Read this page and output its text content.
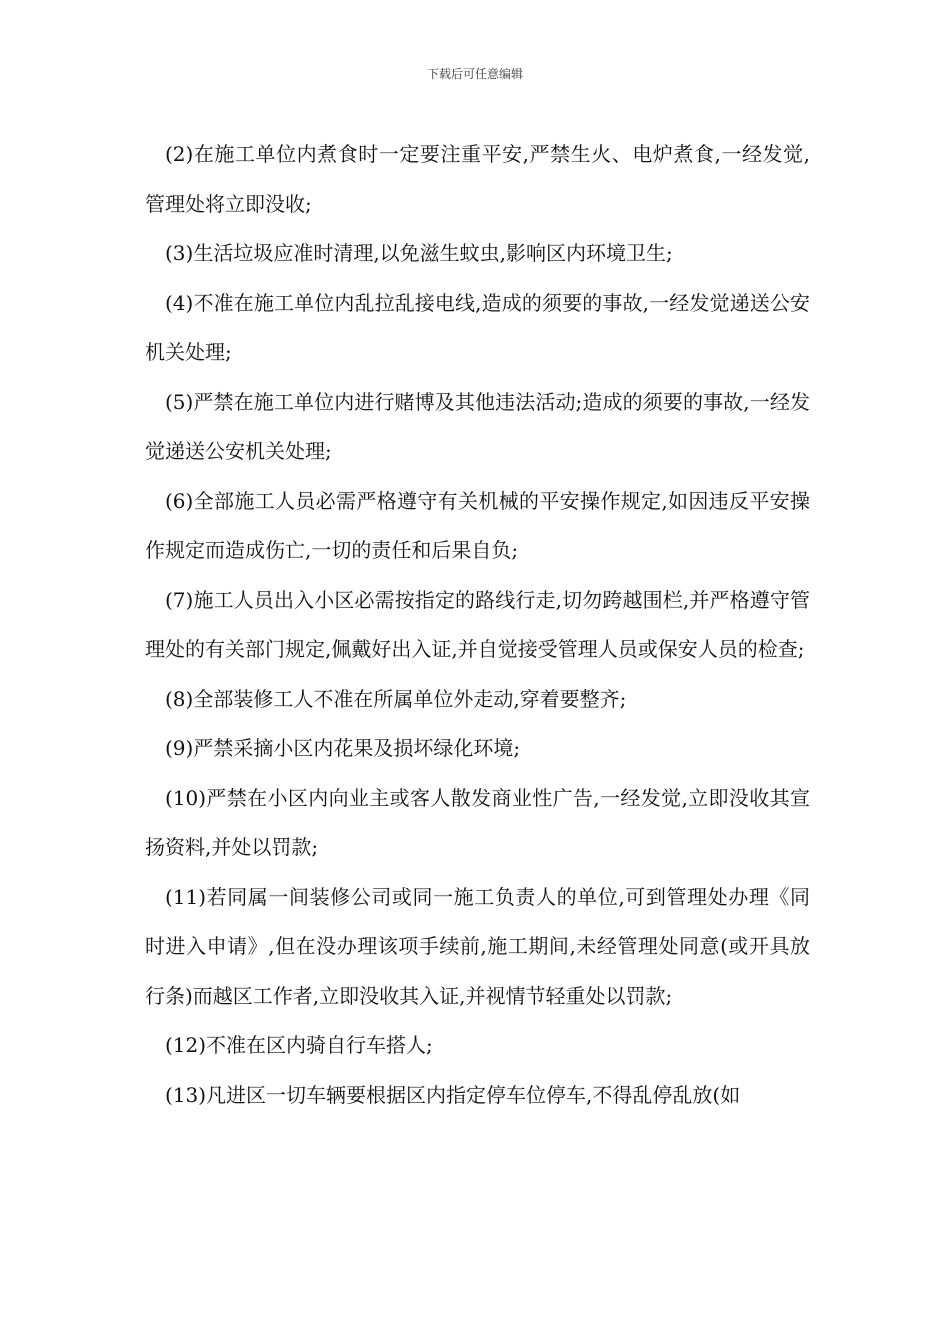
下载后可任意编辑

(2)在施工单位内煮食时一定要注重平安,严禁生火、电炉煮食,一经发觉,管理处将立即没收;

(3)生活垃圾应准时清理,以免滋生蚊虫,影响区内环境卫生;

(4)不准在施工单位内乱拉乱接电线,造成的须要的事故,一经发觉递送公安机关处理;

(5)严禁在施工单位内进行赌博及其他违法活动;造成的须要的事故,一经发觉递送公安机关处理;

(6)全部施工人员必需严格遵守有关机械的平安操作规定,如因违反平安操作规定而造成伤亡,一切的责任和后果自负;

(7)施工人员出入小区必需按指定的路线行走,切勿跨越围栏,并严格遵守管理处的有关部门规定,佩戴好出入证,并自觉接受管理人员或保安人员的检查;

(8)全部装修工人不准在所属单位外走动,穿着要整齐;

(9)严禁采摘小区内花果及损坏绿化环境;

(10)严禁在小区内向业主或客人散发商业性广告,一经发觉,立即没收其宣扬资料,并处以罚款;

(11)若同属一间装修公司或同一施工负责人的单位,可到管理处办理《同时进入申请》,但在没办理该项手续前,施工期间,未经管理处同意(或开具放行条)而越区工作者,立即没收其入证,并视情节轻重处以罚款;

(12)不准在区内骑自行车搭人;

(13)凡进区一切车辆要根据区内指定停车位停车,不得乱停乱放(如
